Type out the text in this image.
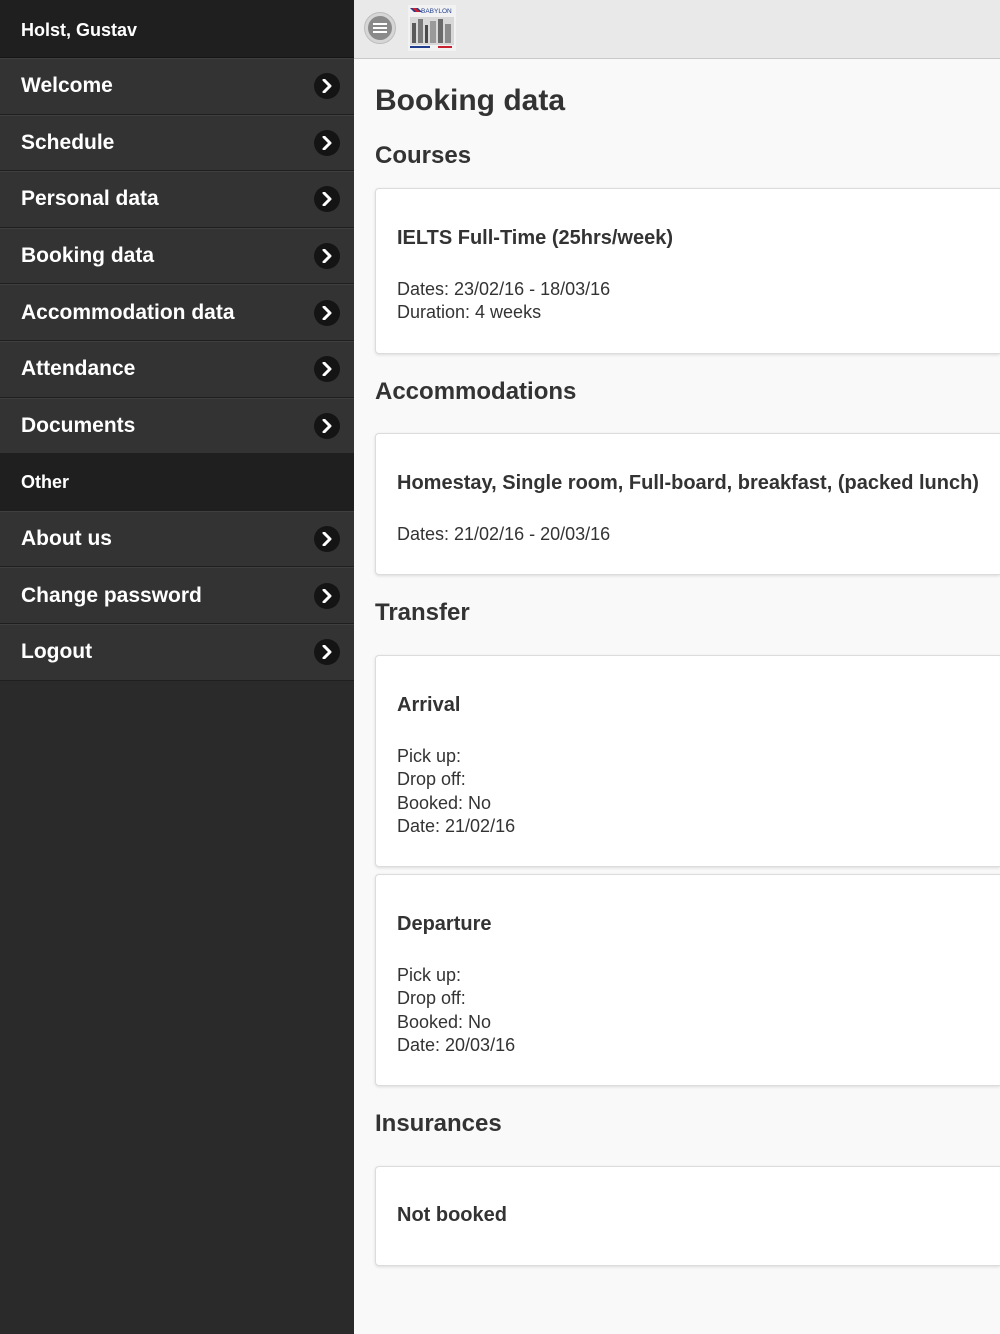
Holst, Gustav
Welcome
Schedule
Personal data
Booking data
Accommodation data
Attendance
Documents
Other
About us
Change password
Logout
BABYLON
Booking data
Courses
IELTS Full-Time (25hrs/week)
Dates: 23/02/16 - 18/03/16
Duration: 4 weeks
Accommodations
Homestay, Single room, Full-board, breakfast, (packed lunch)
Dates: 21/02/16 - 20/03/16
Transfer
Arrival
Pick up:
Drop off:
Booked: No
Date: 21/02/16
Departure
Pick up:
Drop off:
Booked: No
Date: 20/03/16
Insurances
Not booked
